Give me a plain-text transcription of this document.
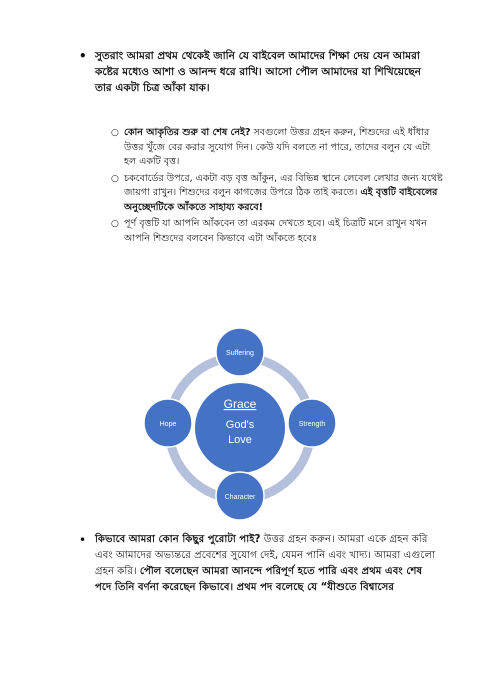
• সুতরাং আমরা প্রথম থেকেই জানি যে বাইবেল আমাদের শিক্ষা দেয় যেন আমরা কষ্টের মধ্যেও আশা ও আনন্দ ধরে রাখি। আসো পৌল আমাদের যা শিখিয়েছেন তার একটা চিত্র আঁকা যাক।
○ কোন আকৃতির শুরু বা শেষ নেই? সবগুলো উত্তর গ্রহন করুন, শিশুদের এই ধাঁধার উত্তর খুঁজে বের করার সুযোগ দিন। কেউ যদি বলতে না পারে, তাদের বলুন যে এটা হল একটি বৃত্ত।
○ চকবোর্ডের উপরে, একটা বড় বৃত্ত আঁকুন, এর বিভিন্ন স্থানে লেবেল লেখার জন্য যথেষ্ট জায়গা রাখুন। শিশুদের বলুন কাগজের উপরে ঠিক তাই করতে। এই বৃত্তটি বাইবেলের অনুচ্ছেদটিকে আঁকতে সাহায্য করবে!
○ পূর্ণ বৃত্তটি যা আপনি আঁকবেন তা এরকম দেখতে হবে। এই চিত্রটি মনে রাখুন যখন আপনি শিশুদের বলবেন কিভাবে এটা আঁকতে হবেঃ
Grace
God's
Love
Suffering
Strength
Character
Hope
• কিভাবে আমরা কোন কিছুর পুরোটা পাই? উত্তর গ্রহন করুন। আমরা একে গ্রহন করি এবং আমাদের অভ্যন্তরে প্রবেশের সুযোগ দেই, যেমন পানি এবং খাদ্য। আমরা এগুলো গ্রহন করি। পৌল বলেছেন আমরা আনন্দে পরিপূর্ণ হতে পারি এবং প্রথম এবং শেষ পদে তিনি বর্ণনা করেছেন কিভাবে। প্রথম পদ বলেছে যে “যীশুতে বিশ্বাসের
